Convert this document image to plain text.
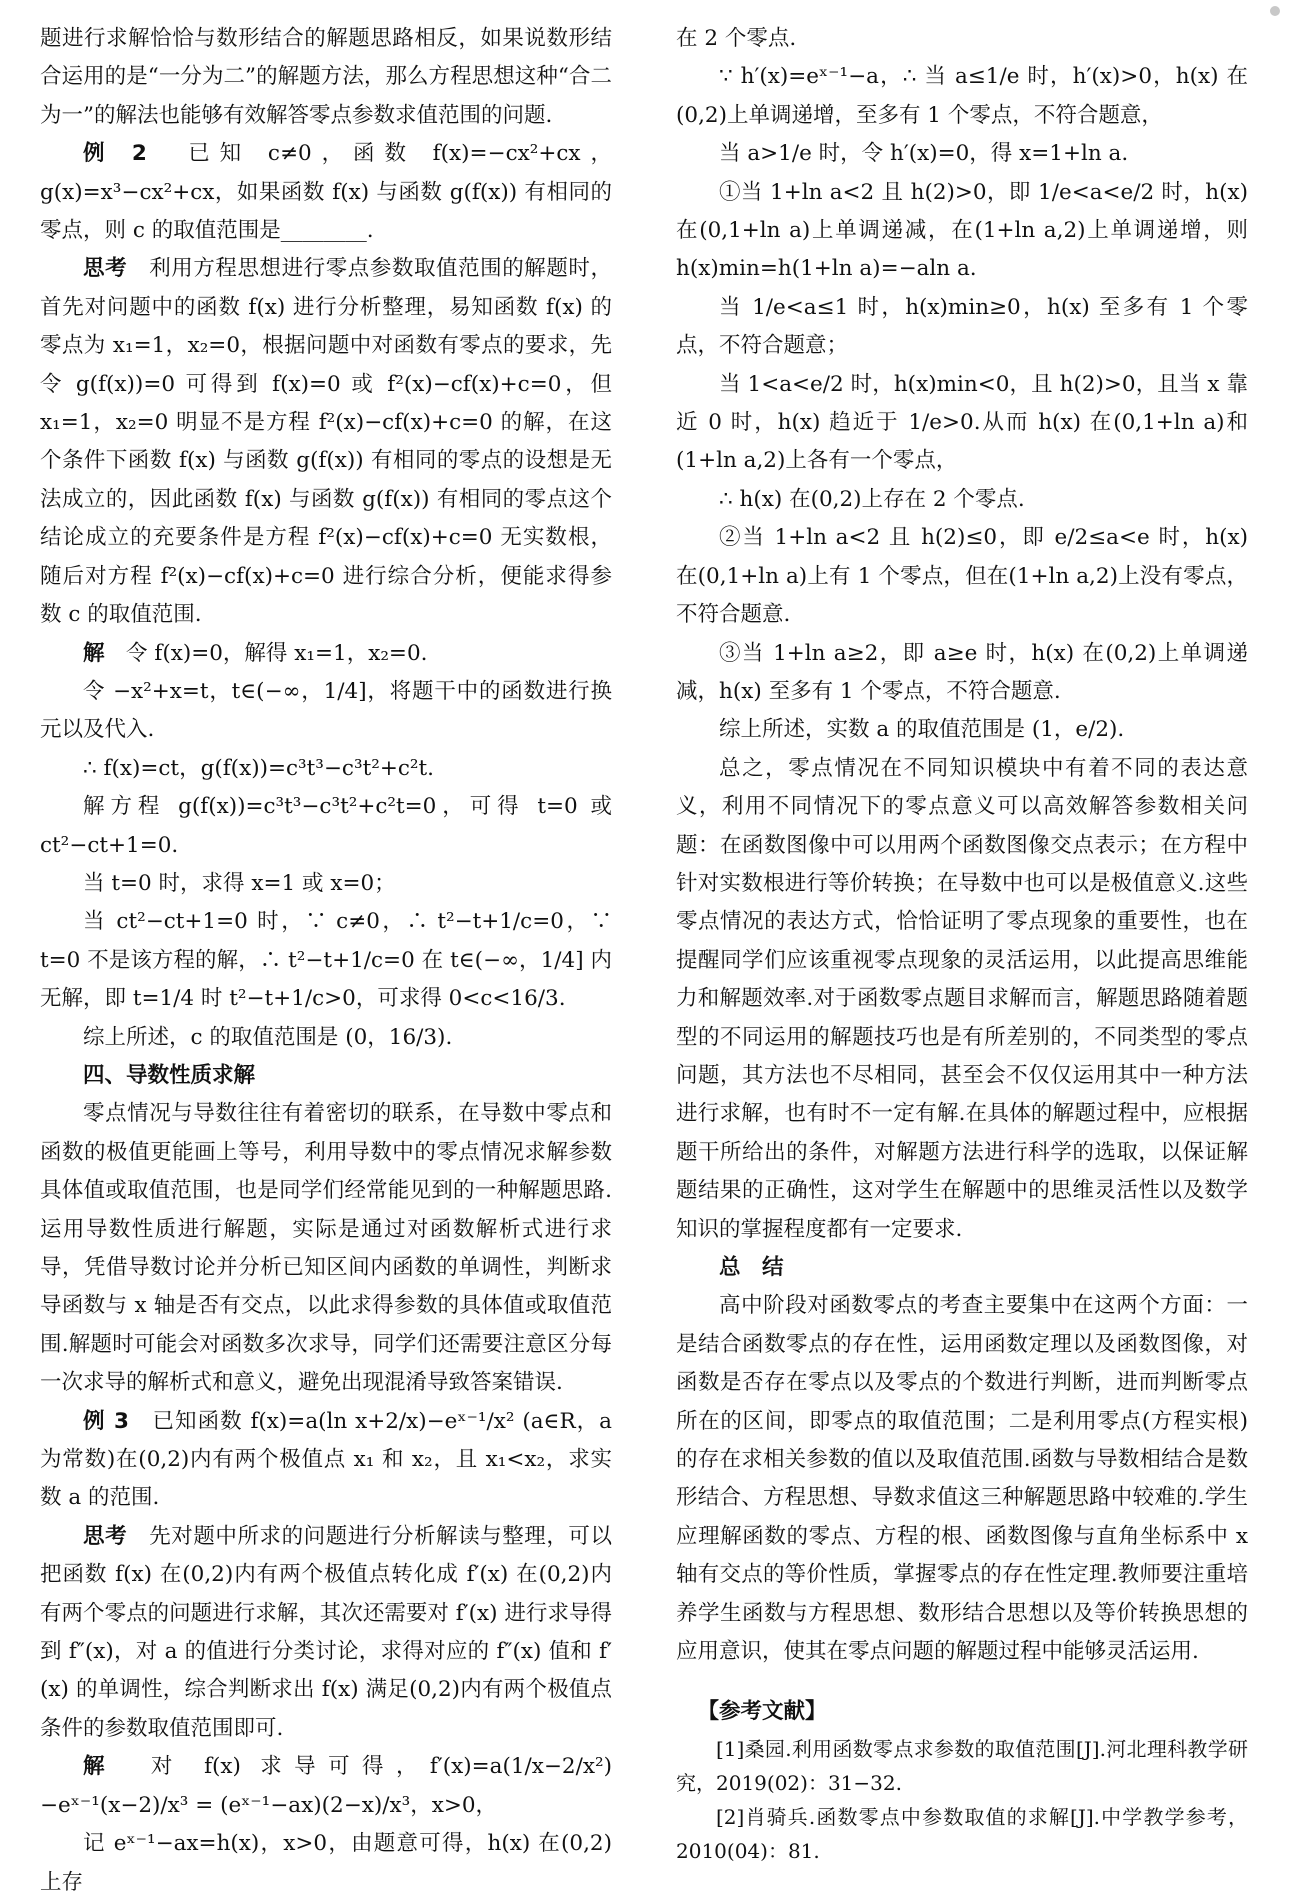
题进行求解恰恰与数形结合的解题思路相反，如果说数形结合运用的是“一分为二”的解题方法，那么方程思想这种“合二为一”的解法也能够有效解答零点参数求值范围的问题.

例 2　 已知 c≠0，函数 f(x)=−cx²+cx，g(x)=x³−cx²+cx，如果函数 f(x) 与函数 g(f(x)) 有相同的零点，则 c 的取值范围是________.

思考　 利用方程思想进行零点参数取值范围的解题时，首先对问题中的函数 f(x) 进行分析整理，易知函数 f(x) 的零点为 x₁=1，x₂=0，根据问题中对函数有零点的要求，先令 g(f(x))=0 可得到 f(x)=0 或 f²(x)−cf(x)+c=0，但 x₁=1，x₂=0 明显不是方程 f²(x)−cf(x)+c=0 的解，在这个条件下函数 f(x) 与函数 g(f(x)) 有相同的零点的设想是无法成立的，因此函数 f(x) 与函数 g(f(x)) 有相同的零点这个结论成立的充要条件是方程 f²(x)−cf(x)+c=0 无实数根，随后对方程 f²(x)−cf(x)+c=0 进行综合分析，便能求得参数 c 的取值范围.

解　 令 f(x)=0，解得 x₁=1，x₂=0.

令 −x²+x=t，t∈(−∞，1/4]，将题干中的函数进行换元以及代入.

∴ f(x)=ct，g(f(x))=c³t³−c³t²+c²t.

解方程 g(f(x))=c³t³−c³t²+c²t=0，可得 t=0 或 ct²−ct+1=0.

当 t=0 时，求得 x=1 或 x=0；

当 ct²−ct+1=0 时，∵ c≠0，∴ t²−t+1/c=0，∵ t=0 不是该方程的解，∴ t²−t+1/c=0 在 t∈(−∞，1/4] 内无解，即 t=1/4 时 t²−t+1/c>0，可求得 0<c<16/3.

综上所述，c 的取值范围是 (0，16/3).

四、导数性质求解

零点情况与导数往往有着密切的联系，在导数中零点和函数的极值更能画上等号，利用导数中的零点情况求解参数具体值或取值范围，也是同学们经常能见到的一种解题思路.运用导数性质进行解题，实际是通过对函数解析式进行求导，凭借导数讨论并分析已知区间内函数的单调性，判断求导函数与 x 轴是否有交点，以此求得参数的具体值或取值范围.解题时可能会对函数多次求导，同学们还需要注意区分每一次求导的解析式和意义，避免出现混淆导致答案错误.

例 3　 已知函数 f(x)=a(ln x+2/x)−eˣ⁻¹/x² (a∈R，a 为常数)在(0,2)内有两个极值点 x₁ 和 x₂，且 x₁<x₂，求实数 a 的范围.

思考　 先对题中所求的问题进行分析解读与整理，可以把函数 f(x) 在(0,2)内有两个极值点转化成 f′(x) 在(0,2)内有两个零点的问题进行求解，其次还需要对 f′(x) 进行求导得到 f″(x)，对 a 的值进行分类讨论，求得对应的 f″(x) 值和 f′(x) 的单调性，综合判断求出 f(x) 满足(0,2)内有两个极值点条件的参数取值范围即可.

解　 对 f(x) 求导可得，f′(x)=a(1/x−2/x²)−eˣ⁻¹(x−2)/x³ = (eˣ⁻¹−ax)(2−x)/x³，x>0，

记 eˣ⁻¹−ax=h(x)，x>0，由题意可得，h(x) 在(0,2)上存

在 2 个零点.

∵ h′(x)=eˣ⁻¹−a，∴ 当 a≤1/e 时，h′(x)>0，h(x) 在(0,2)上单调递增，至多有 1 个零点，不符合题意，

当 a>1/e 时，令 h′(x)=0，得 x=1+ln a.

①当 1+ln a<2 且 h(2)>0，即 1/e<a<e/2 时，h(x) 在(0,1+ln a)上单调递减，在(1+ln a,2)上单调递增，则 h(x)min=h(1+ln a)=−aln a.

当 1/e<a≤1 时，h(x)min≥0，h(x) 至多有 1 个零点，不符合题意；

当 1<a<e/2 时，h(x)min<0，且 h(2)>0，且当 x 靠近 0 时，h(x) 趋近于 1/e>0.从而 h(x) 在(0,1+ln a)和(1+ln a,2)上各有一个零点，

∴ h(x) 在(0,2)上存在 2 个零点.

②当 1+ln a<2 且 h(2)≤0，即 e/2≤a<e 时，h(x) 在(0,1+ln a)上有 1 个零点，但在(1+ln a,2)上没有零点，不符合题意.

③当 1+ln a≥2，即 a≥e 时，h(x) 在(0,2)上单调递减，h(x) 至多有 1 个零点，不符合题意.

综上所述，实数 a 的取值范围是 (1，e/2).

总之，零点情况在不同知识模块中有着不同的表达意义，利用不同情况下的零点意义可以高效解答参数相关问题：在函数图像中可以用两个函数图像交点表示；在方程中针对实数根进行等价转换；在导数中也可以是极值意义.这些零点情况的表达方式，恰恰证明了零点现象的重要性，也在提醒同学们应该重视零点现象的灵活运用，以此提高思维能力和解题效率.对于函数零点题目求解而言，解题思路随着题型的不同运用的解题技巧也是有所差别的，不同类型的零点问题，其方法也不尽相同，甚至会不仅仅运用其中一种方法进行求解，也有时不一定有解.在具体的解题过程中，应根据题干所给出的条件，对解题方法进行科学的选取，以保证解题结果的正确性，这对学生在解题中的思维灵活性以及数学知识的掌握程度都有一定要求.

总　结

高中阶段对函数零点的考查主要集中在这两个方面：一是结合函数零点的存在性，运用函数定理以及函数图像，对函数是否存在零点以及零点的个数进行判断，进而判断零点所在的区间，即零点的取值范围；二是利用零点(方程实根)的存在求相关参数的值以及取值范围.函数与导数相结合是数形结合、方程思想、导数求值这三种解题思路中较难的.学生应理解函数的零点、方程的根、函数图像与直角坐标系中 x 轴有交点的等价性质，掌握零点的存在性定理.教师要注重培养学生函数与方程思想、数形结合思想以及等价转换思想的应用意识，使其在零点问题的解题过程中能够灵活运用.

【参考文献】

[1]桑园.利用函数零点求参数的取值范围[J].河北理科教学研究，2019(02)：31−32.

[2]肖骑兵.函数零点中参数取值的求解[J].中学教学参考，2010(04)：81.
